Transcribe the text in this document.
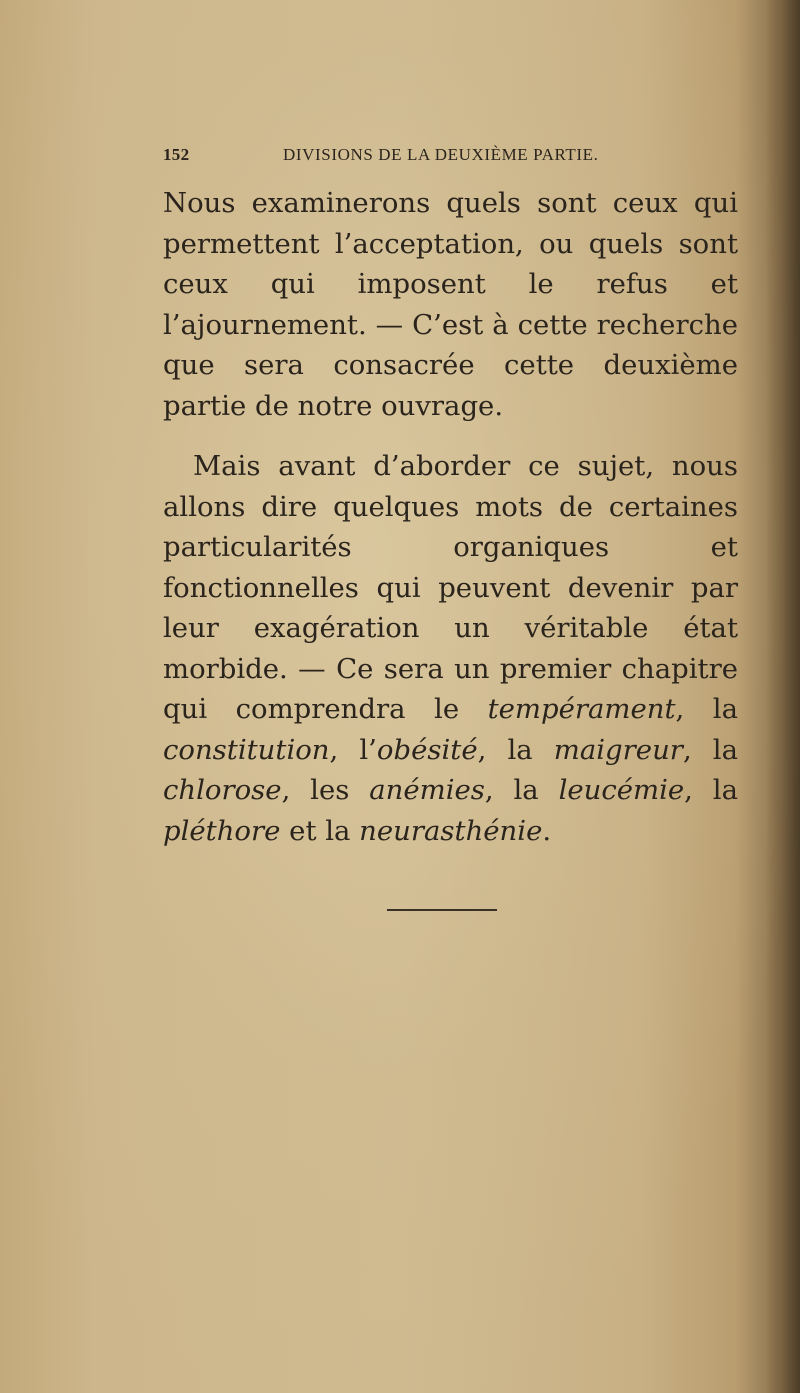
152	DIVISIONS DE LA DEUXIÈME PARTIE.

Nous examinerons quels sont ceux qui permettent l’acceptation, ou quels sont ceux qui imposent le refus et l’ajournement. — C’est à cette recherche que sera consacrée cette deuxième partie de notre ouvrage.

Mais avant d’aborder ce sujet, nous allons dire quelques mots de certaines particularités organiques et fonctionnelles qui peuvent devenir par leur exagération un véritable état morbide. — Ce sera un premier chapitre qui comprendra le tempérament, la constitution, l’obésité, la maigreur, la chlorose, les anémies, la leucémie, la pléthore et la neurasthénie.
